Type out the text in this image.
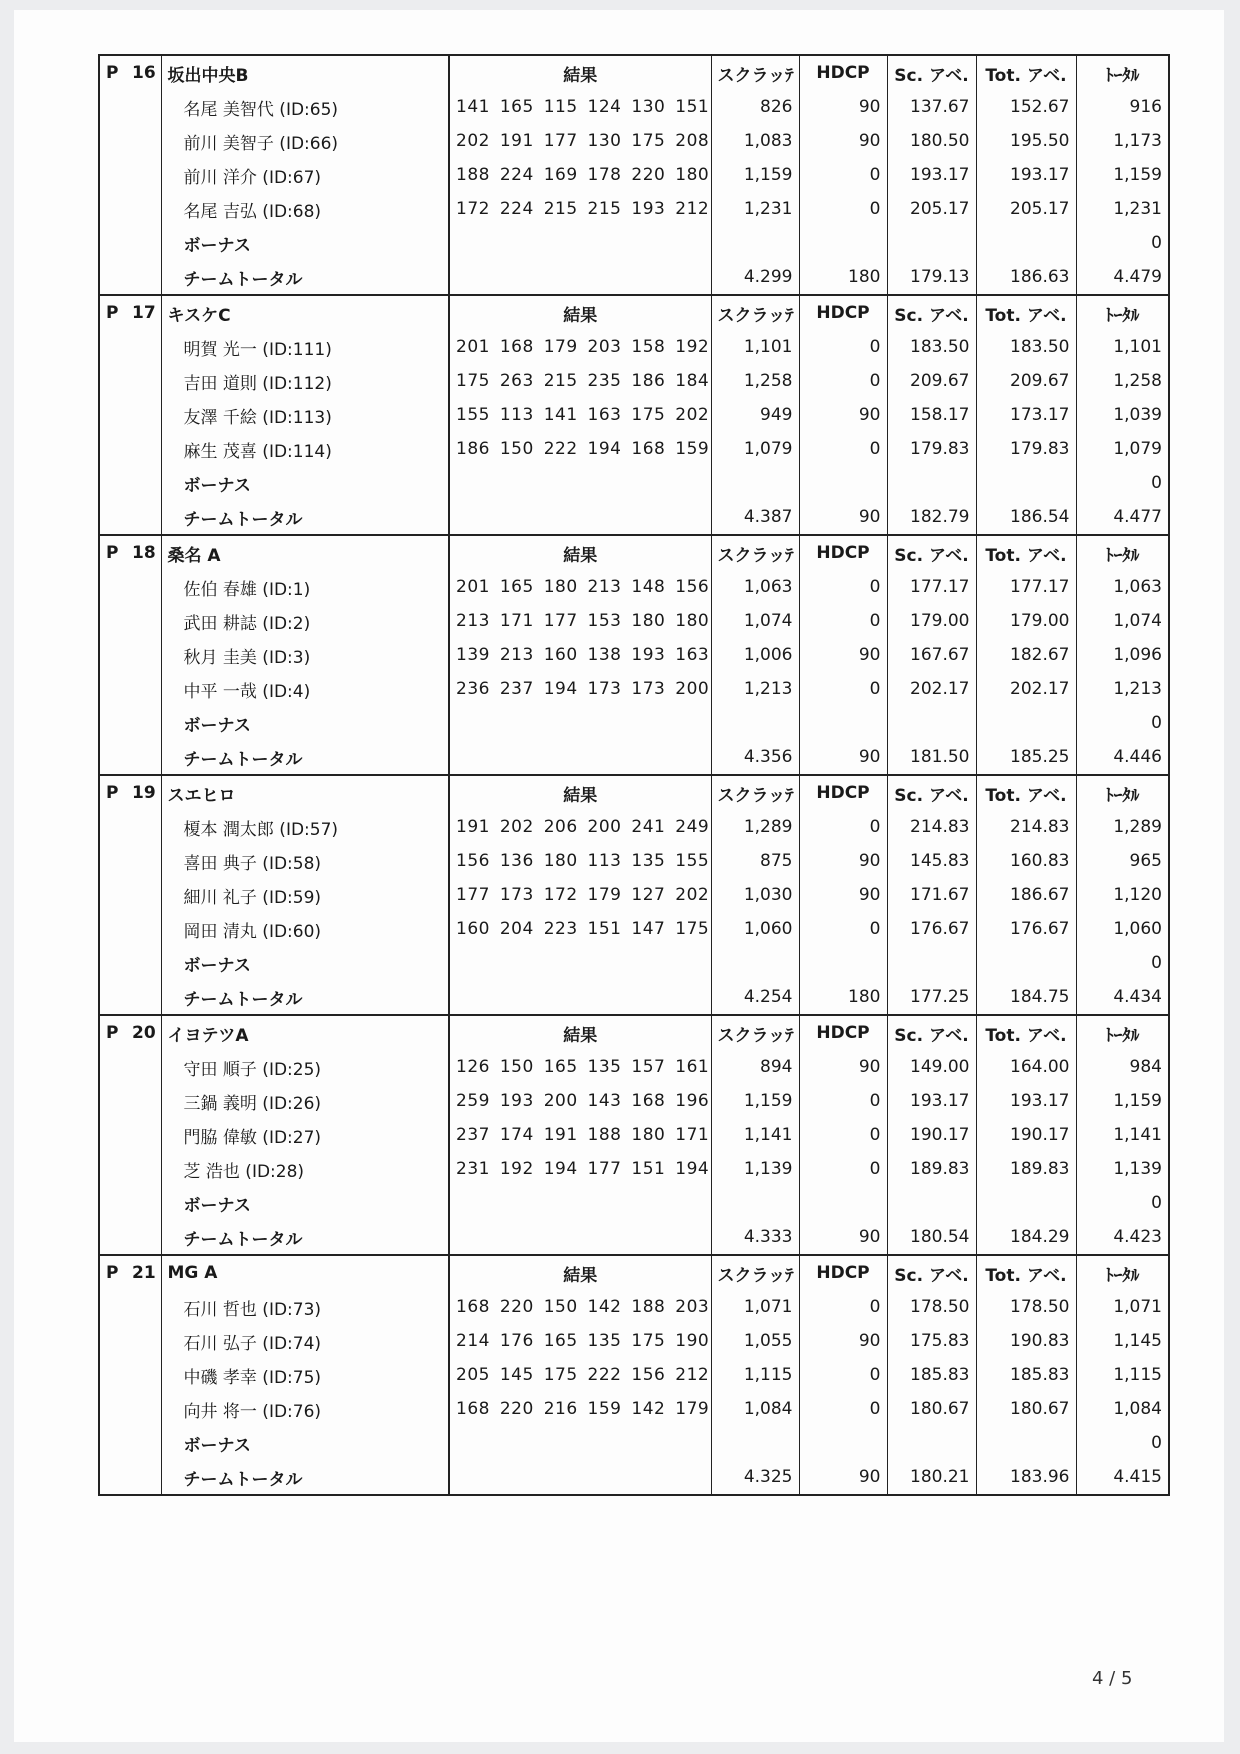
P 16	坂出中央B	結果	スクラッﾃ	HDCP	Sc. アベ.	Tot. アベ.	ﾄｰﾀﾙ
	名尾 美智代 (ID:65)	141 165 115 124 130 151	826	90	137.67	152.67	916
	前川 美智子 (ID:66)	202 191 177 130 175 208	1,083	90	180.50	195.50	1,173
	前川 洋介 (ID:67)	188 224 169 178 220 180	1,159	0	193.17	193.17	1,159
	名尾 吉弘 (ID:68)	172 224 215 215 193 212	1,231	0	205.17	205.17	1,231
	ボーナス						0
	チームトータル		4.299	180	179.13	186.63	4.479
P 17	キスケC	結果	スクラッﾃ	HDCP	Sc. アベ.	Tot. アベ.	ﾄｰﾀﾙ
	明賀 光一 (ID:111)	201 168 179 203 158 192	1,101	0	183.50	183.50	1,101
	吉田 道則 (ID:112)	175 263 215 235 186 184	1,258	0	209.67	209.67	1,258
	友澤 千絵 (ID:113)	155 113 141 163 175 202	949	90	158.17	173.17	1,039
	麻生 茂喜 (ID:114)	186 150 222 194 168 159	1,079	0	179.83	179.83	1,079
	ボーナス						0
	チームトータル		4.387	90	182.79	186.54	4.477
P 18	桑名 A	結果	スクラッﾃ	HDCP	Sc. アベ.	Tot. アベ.	ﾄｰﾀﾙ
	佐伯 春雄 (ID:1)	201 165 180 213 148 156	1,063	0	177.17	177.17	1,063
	武田 耕誌 (ID:2)	213 171 177 153 180 180	1,074	0	179.00	179.00	1,074
	秋月 圭美 (ID:3)	139 213 160 138 193 163	1,006	90	167.67	182.67	1,096
	中平 一哉 (ID:4)	236 237 194 173 173 200	1,213	0	202.17	202.17	1,213
	ボーナス						0
	チームトータル		4.356	90	181.50	185.25	4.446
P 19	スエヒロ	結果	スクラッﾃ	HDCP	Sc. アベ.	Tot. アベ.	ﾄｰﾀﾙ
	榎本 潤太郎 (ID:57)	191 202 206 200 241 249	1,289	0	214.83	214.83	1,289
	喜田 典子 (ID:58)	156 136 180 113 135 155	875	90	145.83	160.83	965
	細川 礼子 (ID:59)	177 173 172 179 127 202	1,030	90	171.67	186.67	1,120
	岡田 清丸 (ID:60)	160 204 223 151 147 175	1,060	0	176.67	176.67	1,060
	ボーナス						0
	チームトータル		4.254	180	177.25	184.75	4.434
P 20	イヨテツA	結果	スクラッﾃ	HDCP	Sc. アベ.	Tot. アベ.	ﾄｰﾀﾙ
	守田 順子 (ID:25)	126 150 165 135 157 161	894	90	149.00	164.00	984
	三鍋 義明 (ID:26)	259 193 200 143 168 196	1,159	0	193.17	193.17	1,159
	門脇 偉敏 (ID:27)	237 174 191 188 180 171	1,141	0	190.17	190.17	1,141
	芝 浩也 (ID:28)	231 192 194 177 151 194	1,139	0	189.83	189.83	1,139
	ボーナス						0
	チームトータル		4.333	90	180.54	184.29	4.423
P 21	MG A	結果	スクラッﾃ	HDCP	Sc. アベ.	Tot. アベ.	ﾄｰﾀﾙ
	石川 哲也 (ID:73)	168 220 150 142 188 203	1,071	0	178.50	178.50	1,071
	石川 弘子 (ID:74)	214 176 165 135 175 190	1,055	90	175.83	190.83	1,145
	中磯 孝幸 (ID:75)	205 145 175 222 156 212	1,115	0	185.83	185.83	1,115
	向井 将一 (ID:76)	168 220 216 159 142 179	1,084	0	180.67	180.67	1,084
	ボーナス						0
	チームトータル		4.325	90	180.21	183.96	4.415
4 / 5
